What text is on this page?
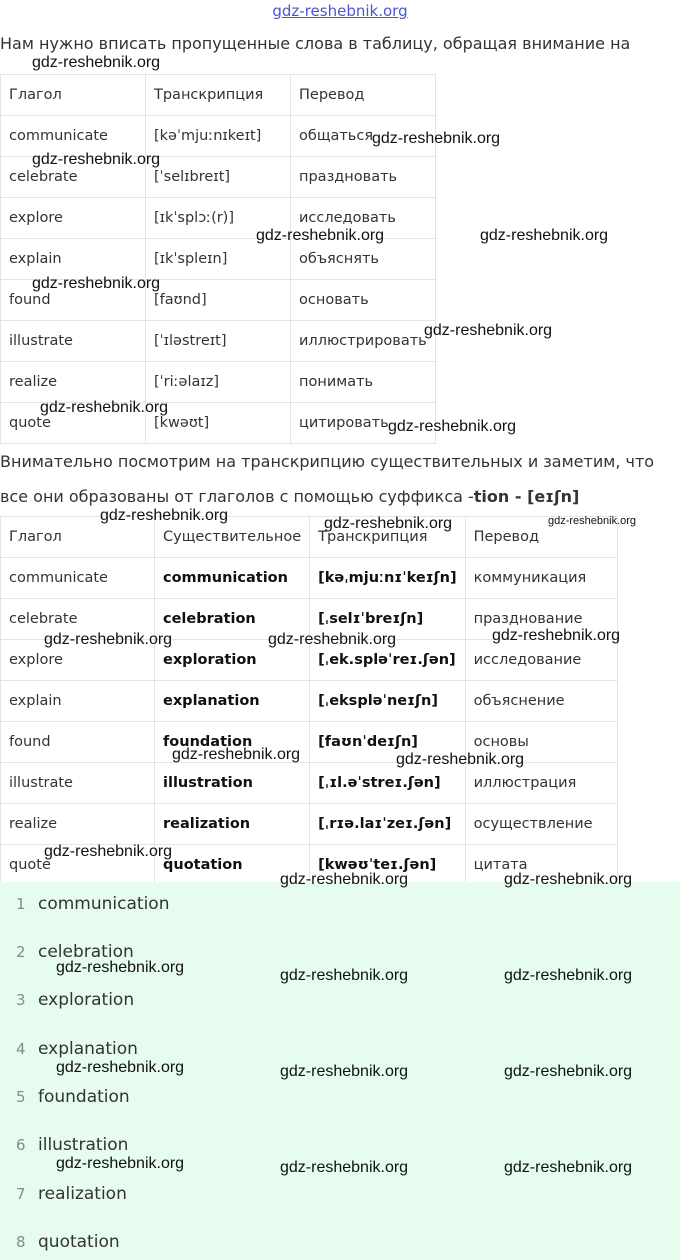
gdz-reshebnik.org
Нам нужно вписать пропущенные слова в таблицу, обращая внимание на
Глагол	Транскрипция	Перевод
communicate	[kəˈmjuːnɪkeɪt]	общаться
celebrate	[ˈselɪbreɪt]	праздновать
explore	[ɪkˈsplɔː(r)]	исследовать
explain	[ɪkˈspleɪn]	объяснять
found	[faʊnd]	основать
illustrate	[ˈɪləstreɪt]	иллюстрировать
realize	[ˈriːəlaɪz]	понимать
quote	[kwəʊt]	цитировать
Внимательно посмотрим на транскрипцию существительных и заметим, что
все они образованы от глаголов с помощью суффикса -tion - [eɪʃn]
Глагол	Существительное	Транскрипция	Перевод
communicate	communication	[kəˌmjuːnɪˈkeɪʃn]	коммуникация
celebrate	celebration	[ˌselɪˈbreɪʃn]	празднование
explore	exploration	[ˌek.spləˈreɪ.ʃən]	исследование
explain	explanation	[ˌekspləˈneɪʃn]	объяснение
found	foundation	[faʊnˈdeɪʃn]	основы
illustrate	illustration	[ˌɪl.əˈstreɪ.ʃən]	иллюстрация
realize	realization	[ˌrɪə.laɪˈzeɪ.ʃən]	осуществление
quote	quotation	[kwəʊˈteɪ.ʃən]	цитата
1 communication
2 celebration
3 exploration
4 explanation
5 foundation
6 illustration
7 realization
8 quotation
gdz-reshebnik.org
gdz-reshebnik.org
gdz-reshebnik.org
gdz-reshebnik.org	gdz-reshebnik.org
gdz-reshebnik.org
gdz-reshebnik.org
gdz-reshebnik.org
gdz-reshebnik.org
gdz-reshebnik.org	gdz-reshebnik.org	gdz-reshebnik.org
gdz-reshebnik.org	gdz-reshebnik.org	gdz-reshebnik.org
gdz-reshebnik.org	gdz-reshebnik.org
gdz-reshebnik.org
gdz-reshebnik.org	gdz-reshebnik.org
gdz-reshebnik.org	gdz-reshebnik.org	gdz-reshebnik.org
gdz-reshebnik.org	gdz-reshebnik.org	gdz-reshebnik.org
gdz-reshebnik.org	gdz-reshebnik.org	gdz-reshebnik.org
